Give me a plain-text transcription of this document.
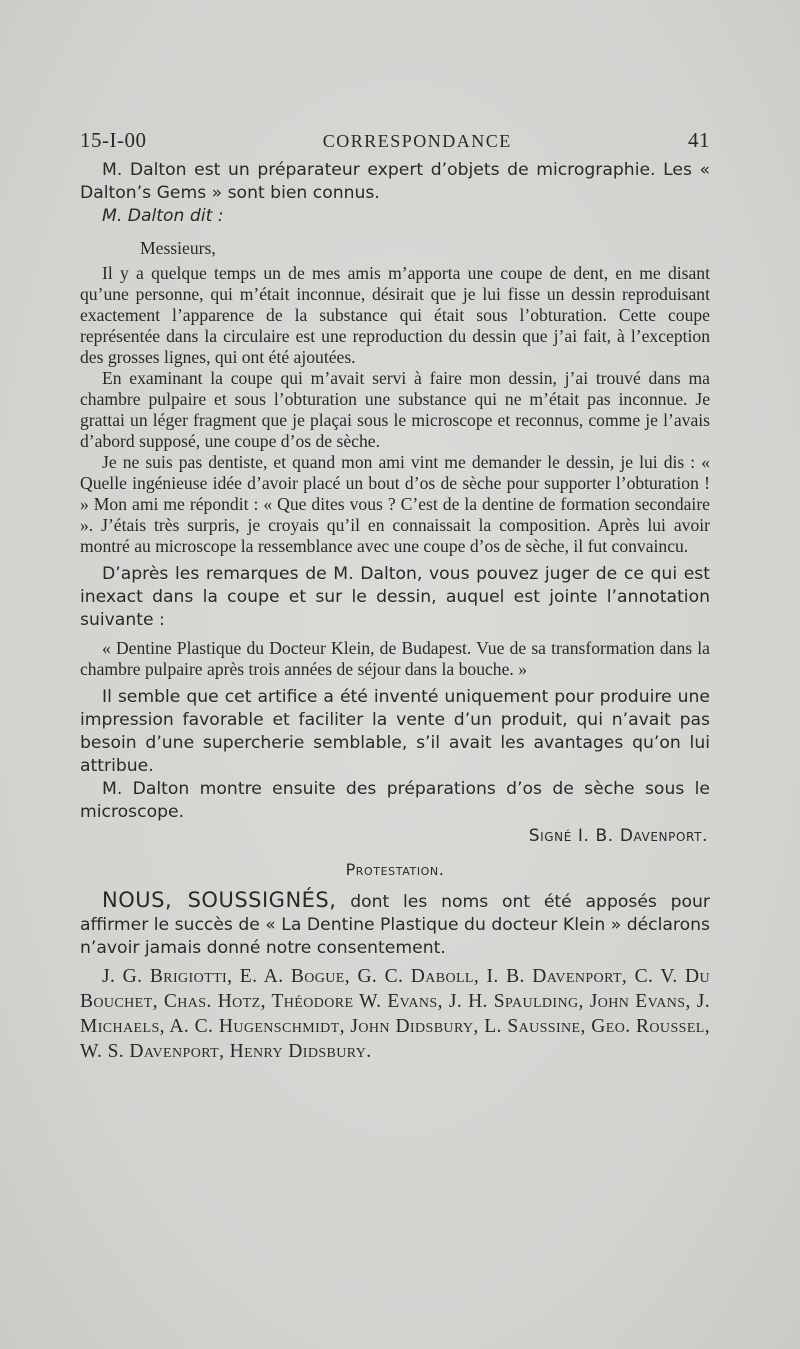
15-I-00	CORRESPONDANCE	41

M. Dalton est un préparateur expert d’objets de micrographie. Les « Dalton’s Gems » sont bien connus.

M. Dalton dit :

Messieurs,

Il y a quelque temps un de mes amis m’apporta une coupe de dent, en me disant qu’une personne, qui m’était inconnue, désirait que je lui fisse un dessin reproduisant exactement l’apparence de la substance qui était sous l’obturation. Cette coupe représentée dans la circulaire est une reproduction du dessin que j’ai fait, à l’exception des grosses lignes, qui ont été ajoutées.

En examinant la coupe qui m’avait servi à faire mon dessin, j’ai trouvé dans ma chambre pulpaire et sous l’obturation une substance qui ne m’était pas inconnue. Je grattai un léger fragment que je plaçai sous le microscope et reconnus, comme je l’avais d’abord supposé, une coupe d’os de sèche.

Je ne suis pas dentiste, et quand mon ami vint me demander le dessin, je lui dis : « Quelle ingénieuse idée d’avoir placé un bout d’os de sèche pour supporter l’obturation ! » Mon ami me répondit : « Que dites vous ? C’est de la dentine de formation secondaire ». J’étais très surpris, je croyais qu’il en connaissait la composition. Après lui avoir montré au microscope la ressemblance avec une coupe d’os de sèche, il fut convaincu.

D’après les remarques de M. Dalton, vous pouvez juger de ce qui est inexact dans la coupe et sur le dessin, auquel est jointe l’annotation suivante :

« Dentine Plastique du Docteur Klein, de Budapest. Vue de sa transformation dans la chambre pulpaire après trois années de séjour dans la bouche. »

Il semble que cet artifice a été inventé uniquement pour produire une impression favorable et faciliter la vente d’un produit, qui n’avait pas besoin d’une supercherie semblable, s’il avait les avantages qu’on lui attribue.

M. Dalton montre ensuite des préparations d’os de sèche sous le microscope.

Signé I. B. Davenport.
Protestation.

NOUS, SOUSSIGNÉS, dont les noms ont été apposés pour affirmer le succès de « La Dentine Plastique du docteur Klein » déclarons n’avoir jamais donné notre consentement.

J. G. Brigiotti, E. A. Bogue, G. C. Daboll, I. B. Davenport, C. V. Du Bouchet, Chas. Hotz, Théodore W. Evans, J. H. Spaulding, John Evans, J. Michaels, A. C. Hugenschmidt, John Didsbury, L. Saussine, Geo. Roussel, W. S. Davenport, Henry Didsbury.
